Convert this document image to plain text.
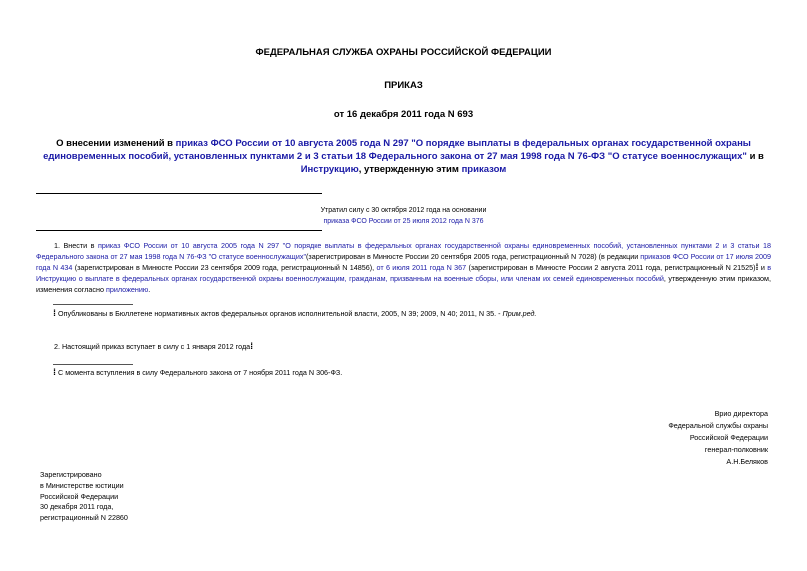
ФЕДЕРАЛЬНАЯ СЛУЖБА ОХРАНЫ РОССИЙСКОЙ ФЕДЕРАЦИИ
ПРИКАЗ
от 16 декабря 2011 года N 693
О внесении изменений в приказ ФСО России от 10 августа 2005 года N 297 "О порядке выплаты в федеральных органах государственной охраны единовременных пособий, установленных пунктами 2 и 3 статьи 18 Федерального закона от 27 мая 1998 года N 76-ФЗ "О статусе военнослужащих" и в Инструкцию, утвержденную этим приказом
Утратил силу с 30 октября 2012 года на основании
приказа ФСО России от 25 июля 2012 года N 376
1. Внести в приказ ФСО России от 10 августа 2005 года N 297 "О порядке выплаты в федеральных органах государственной охраны единовременных пособий, установленных пунктами 2 и 3 статьи 18 Федерального закона от 27 мая 1998 года N 76-ФЗ "О статусе военнослужащих"(зарегистрирован в Минюсте России 20 сентября 2005 года, регистрационный N 7028) (в редакции приказов ФСО России от 17 июля 2009 года N 434 (зарегистрирован в Минюсте России 23 сентября 2009 года, регистрационный N 14856), от 6 июля 2011 года N 367 (зарегистрирован в Минюсте России 2 августа 2011 года, регистрационный N 21525)⁞ и в Инструкцию о выплате в федеральных органах государственной охраны военнослужащим, гражданам, призванным на военные сборы, или членам их семей единовременных пособий, утвержденную этим приказом, изменения согласно приложению.
⁞ Опубликованы в Бюллетене нормативных актов федеральных органов исполнительной власти, 2005, N 39; 2009, N 40; 2011, N 35. - Прим.ред.
2. Настоящий приказ вступает в силу с 1 января 2012 года⁞
⁞ С момента вступления в силу Федерального закона от 7 ноября 2011 года N 306-ФЗ.
Врио директора
Федеральной службы охраны
Российской Федерации
генерал-полковник
А.Н.Беляков
Зарегистрировано
в Министерстве юстиции
Российской Федерации
30 декабря 2011 года,
регистрационный N 22860
